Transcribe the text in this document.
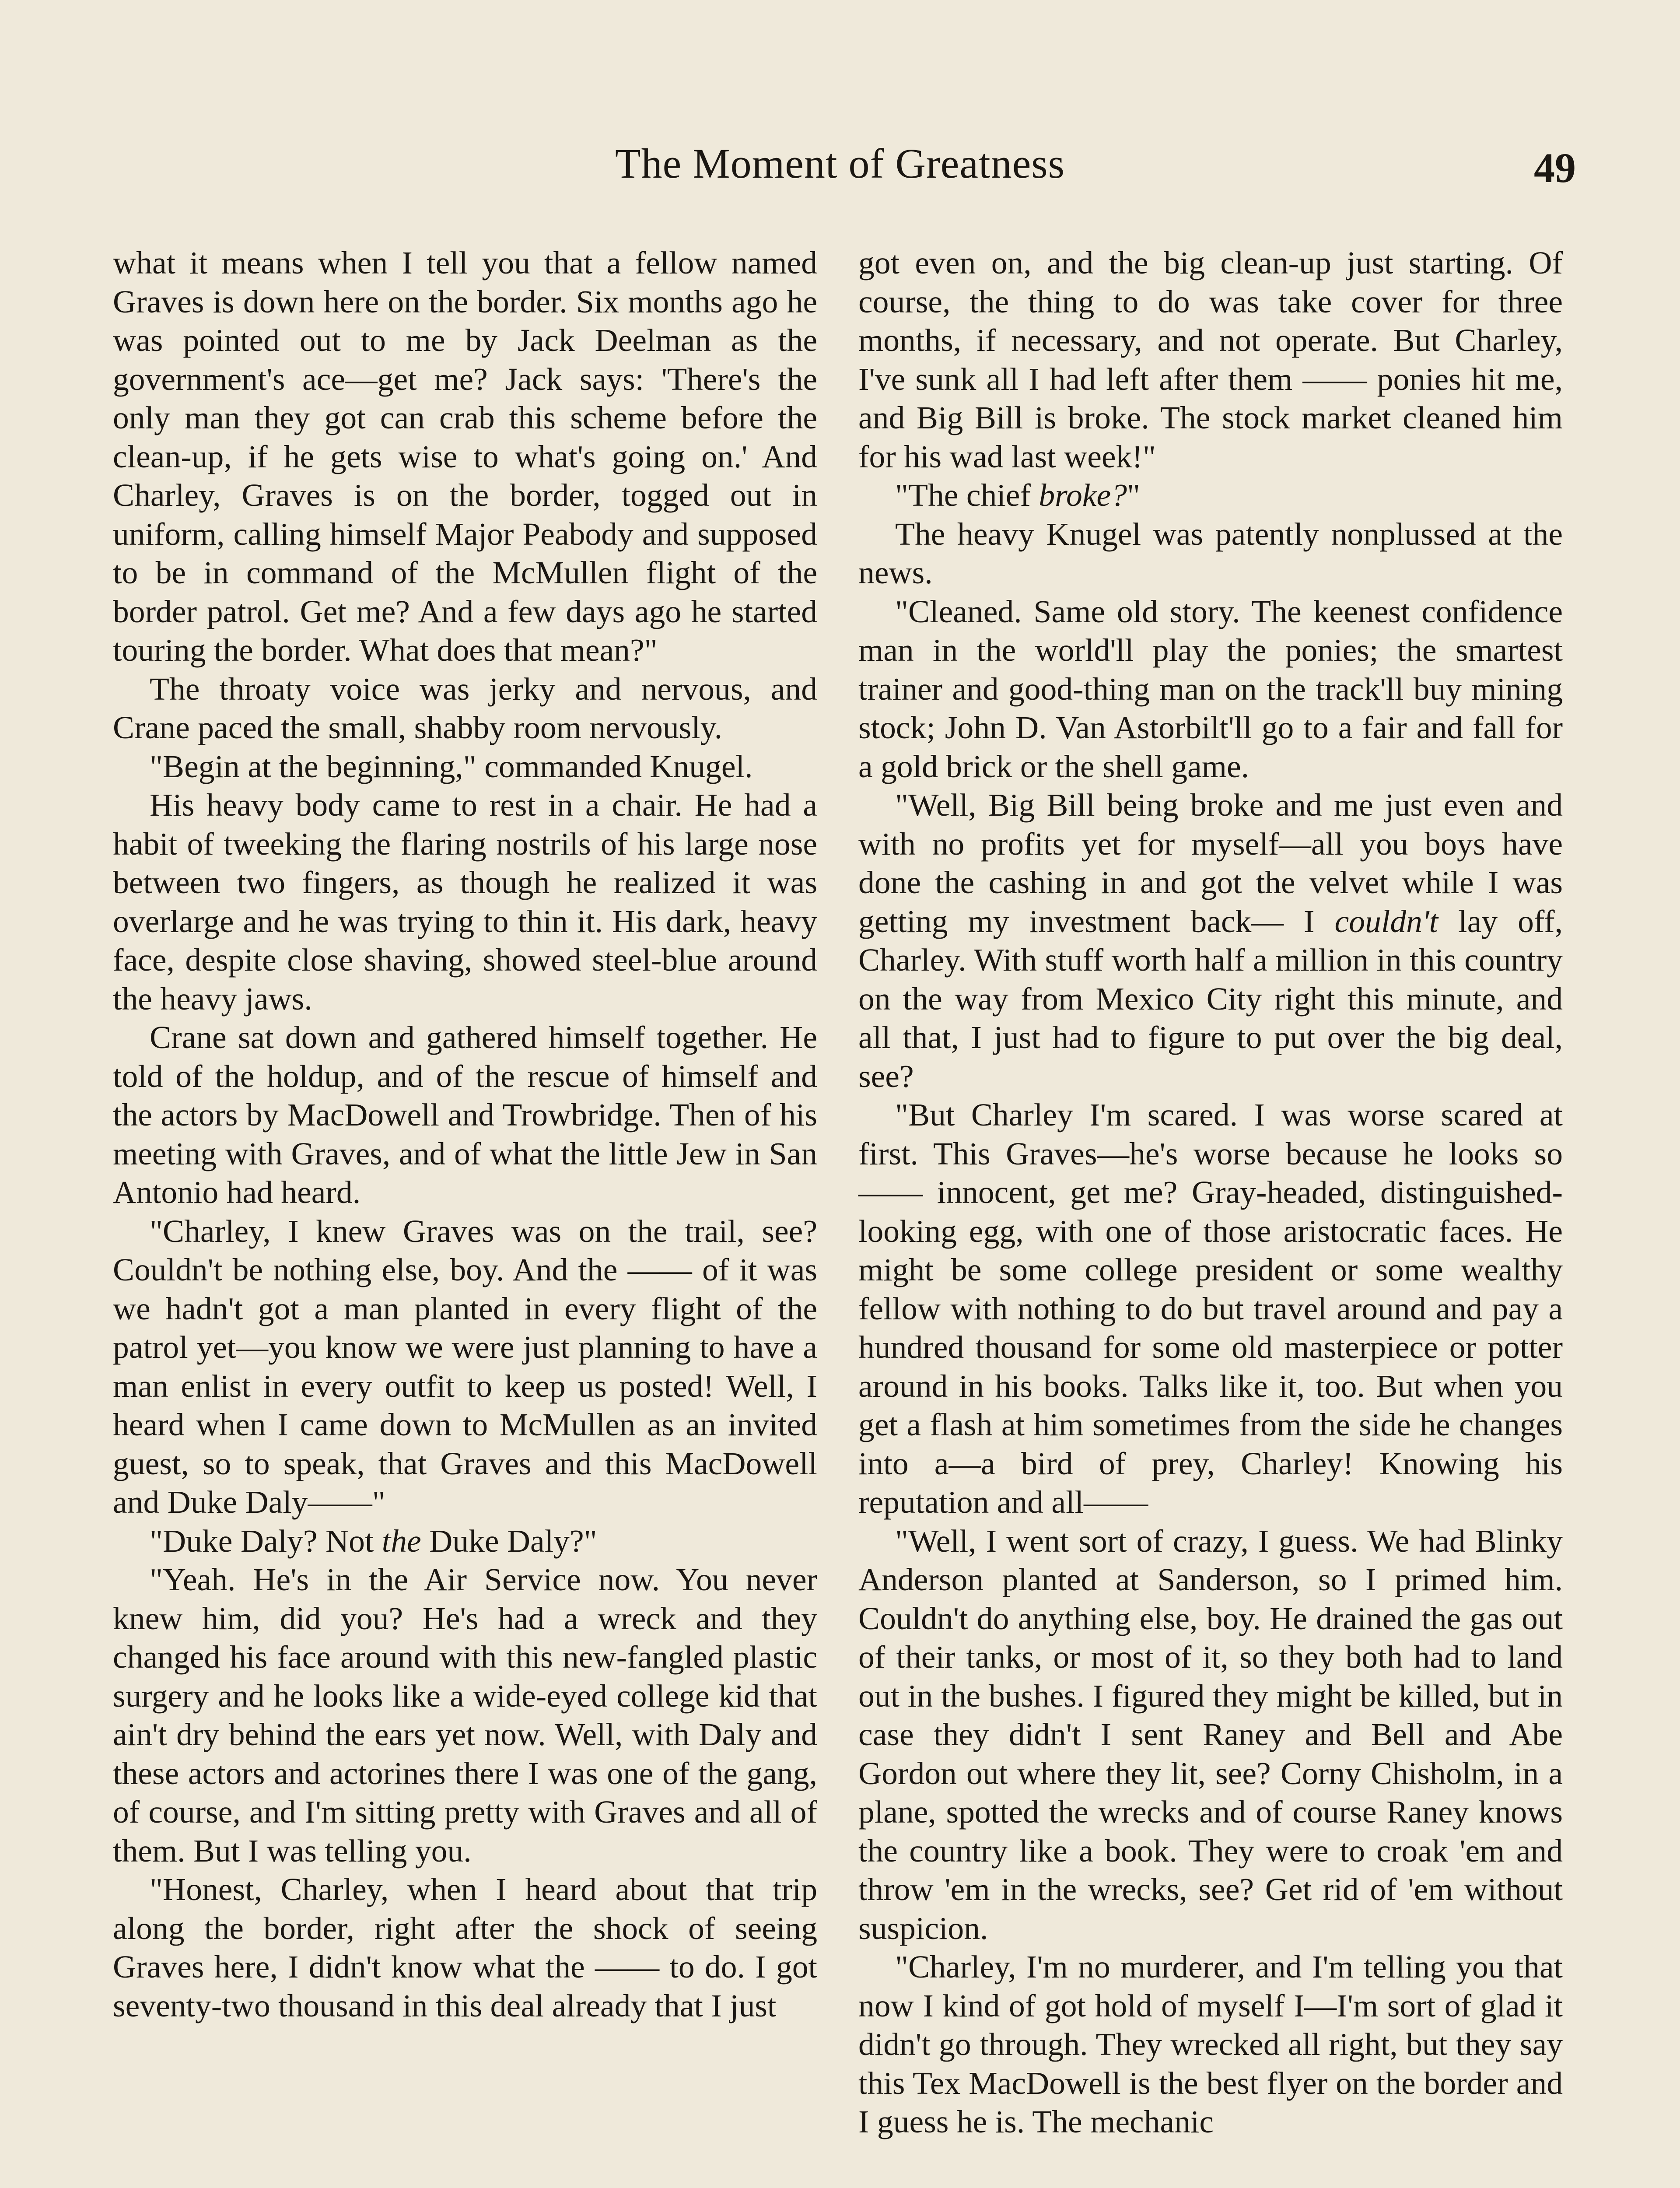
The Moment of Greatness	49

what it means when I tell you that a fellow named Graves is down here on the border. Six months ago he was pointed out to me by Jack Deelman as the government's ace—get me? Jack says: 'There's the only man they got can crab this scheme before the clean-up, if he gets wise to what's going on.' And Charley, Graves is on the border, togged out in uniform, calling himself Major Peabody and supposed to be in command of the McMullen flight of the border patrol. Get me? And a few days ago he started touring the border. What does that mean?"

The throaty voice was jerky and nervous, and Crane paced the small, shabby room nervously.

"Begin at the beginning," commanded Knugel.

His heavy body came to rest in a chair. He had a habit of tweeking the flaring nostrils of his large nose between two fingers, as though he realized it was overlarge and he was trying to thin it. His dark, heavy face, despite close shaving, showed steel-blue around the heavy jaws.

Crane sat down and gathered himself together. He told of the holdup, and of the rescue of himself and the actors by MacDowell and Trowbridge. Then of his meeting with Graves, and of what the little Jew in San Antonio had heard.

"Charley, I knew Graves was on the trail, see? Couldn't be nothing else, boy. And the —— of it was we hadn't got a man planted in every flight of the patrol yet—you know we were just planning to have a man enlist in every outfit to keep us posted! Well, I heard when I came down to McMullen as an invited guest, so to speak, that Graves and this MacDowell and Duke Daly——"

"Duke Daly? Not the Duke Daly?"

"Yeah. He's in the Air Service now. You never knew him, did you? He's had a wreck and they changed his face around with this new-fangled plastic surgery and he looks like a wide-eyed college kid that ain't dry behind the ears yet now. Well, with Daly and these actors and actorines there I was one of the gang, of course, and I'm sitting pretty with Graves and all of them. But I was telling you.

"Honest, Charley, when I heard about that trip along the border, right after the shock of seeing Graves here, I didn't know what the —— to do. I got seventy-two thousand in this deal already that I just

got even on, and the big clean-up just starting. Of course, the thing to do was take cover for three months, if necessary, and not operate. But Charley, I've sunk all I had left after them —— ponies hit me, and Big Bill is broke. The stock market cleaned him for his wad last week!"

"The chief broke?"

The heavy Knugel was patently nonplussed at the news.

"Cleaned. Same old story. The keenest confidence man in the world'll play the ponies; the smartest trainer and good-thing man on the track'll buy mining stock; John D. Van Astorbilt'll go to a fair and fall for a gold brick or the shell game.

"Well, Big Bill being broke and me just even and with no profits yet for myself—all you boys have done the cashing in and got the velvet while I was getting my investment back— I couldn't lay off, Charley. With stuff worth half a million in this country on the way from Mexico City right this minute, and all that, I just had to figure to put over the big deal, see?

"But Charley I'm scared. I was worse scared at first. This Graves—he's worse because he looks so —— innocent, get me? Gray-headed, distinguished-looking egg, with one of those aristocratic faces. He might be some college president or some wealthy fellow with nothing to do but travel around and pay a hundred thousand for some old masterpiece or potter around in his books. Talks like it, too. But when you get a flash at him sometimes from the side he changes into a—a bird of prey, Charley! Knowing his reputation and all——

"Well, I went sort of crazy, I guess. We had Blinky Anderson planted at Sanderson, so I primed him. Couldn't do anything else, boy. He drained the gas out of their tanks, or most of it, so they both had to land out in the bushes. I figured they might be killed, but in case they didn't I sent Raney and Bell and Abe Gordon out where they lit, see? Corny Chisholm, in a plane, spotted the wrecks and of course Raney knows the country like a book. They were to croak 'em and throw 'em in the wrecks, see? Get rid of 'em without suspicion.

"Charley, I'm no murderer, and I'm telling you that now I kind of got hold of myself I—I'm sort of glad it didn't go through. They wrecked all right, but they say this Tex MacDowell is the best flyer on the border and I guess he is. The mechanic
